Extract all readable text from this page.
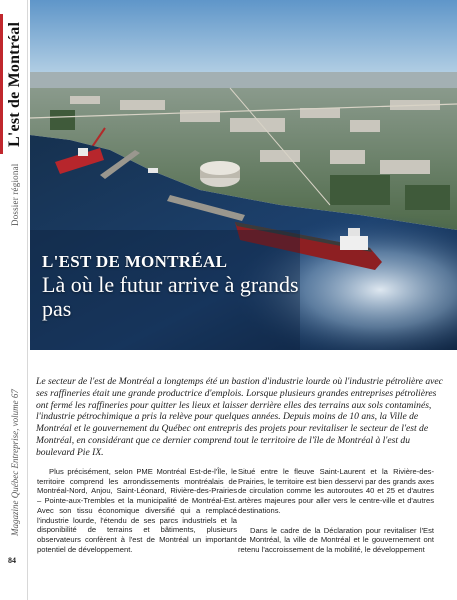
L'est de Montréal
Dossier régional
Magazine Québec Entreprise, volume 67
84
L'EST DE MONTRÉAL
Là où le futur arrive à grands pas

Le secteur de l'est de Montréal a longtemps été un bastion d'industrie lourde où l'industrie pétrolière avec ses raffineries était une grande productrice d'emplois. Lorsque plusieurs grandes entreprises pétrolières ont fermé les raffineries pour quitter les lieux et laisser derrière elles des terrains aux sols contaminés, l'industrie pétrochimique a pris la relève pour quelques années. Depuis moins de 10 ans, la Ville de Montréal et le gouvernement du Québec ont entrepris des projets pour revitaliser le secteur de l'est de Montréal, en considérant que ce dernier comprend tout le territoire de l'île de Montréal à l'est du boulevard Pie IX.

Plus précisément, selon PME Montréal Est-de-l'Île, le territoire comprend les arrondissements montréalais de Montréal-Nord, Anjou, Saint-Léonard, Rivière-des-Prairies – Pointe-aux-Trembles et la municipalité de Montréal-Est. Avec son tissu économique diversifié qui a remplacé l'industrie lourde, l'étendu de ses parcs industriels et la disponibilité de terrains et bâtiments, plusieurs observateurs confèrent à l'est de Montréal un important potentiel de développement.

Situé entre le fleuve Saint-Laurent et la Rivière-des-Prairies, le territoire est bien desservi par des grands axes de circulation comme les autoroutes 40 et 25 et d'autres artères majeures pour aller vers le centre-ville et d'autres destinations.

Dans le cadre de la Déclaration pour revitaliser l'Est de Montréal, la ville de Montréal et le gouvernement ont retenu l'accroissement de la mobilité, le développement
